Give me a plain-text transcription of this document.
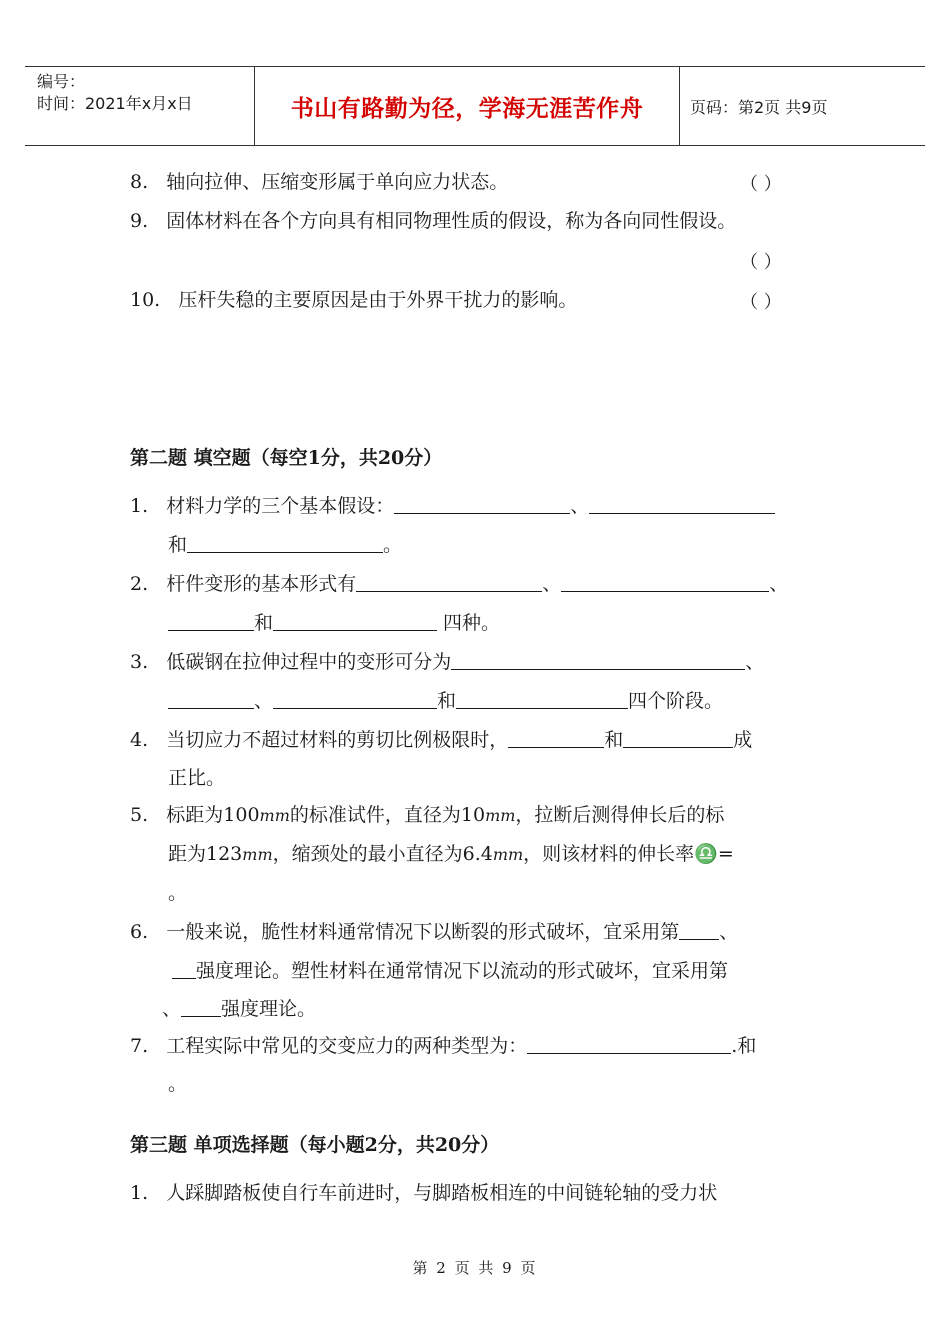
编号：
时间：2021年x月x日	书山有路勤为径，学海无涯苦作舟	页码：第2页 共9页
8. 轴向拉伸、压缩变形属于单向应力状态。	（ ）
9. 固体材料在各个方向具有相同物理性质的假设，称为各向同性假设。
（ ）
10. 压杆失稳的主要原因是由于外界干扰力的影响。	（ ）
第二题 填空题（每空1分，共20分）
1. 材料力学的三个基本假设：	、
和	。
2. 杆件变形的基本形式有	、	、
和	四种。
3. 低碳钢在拉伸过程中的变形可分为	、
、	和	四个阶段。
4. 当切应力不超过材料的剪切比例极限时，	和	成
正比。
5. 标距为100mm的标准试件，直径为10mm，拉断后测得伸长后的标
距为123mm，缩颈处的最小直径为6.4mm，则该材料的伸长率♎=
。
6. 一般来说，脆性材料通常情况下以断裂的形式破坏，宜采用第 、
强度理论。塑性材料在通常情况下以流动的形式破坏，宜采用第
、 强度理论。
7. 工程实际中常见的交变应力的两种类型为：	.和
。
第三题 单项选择题（每小题2分，共20分）
1. 人踩脚踏板使自行车前进时，与脚踏板相连的中间链轮轴的受力状
第 2 页 共 9 页
